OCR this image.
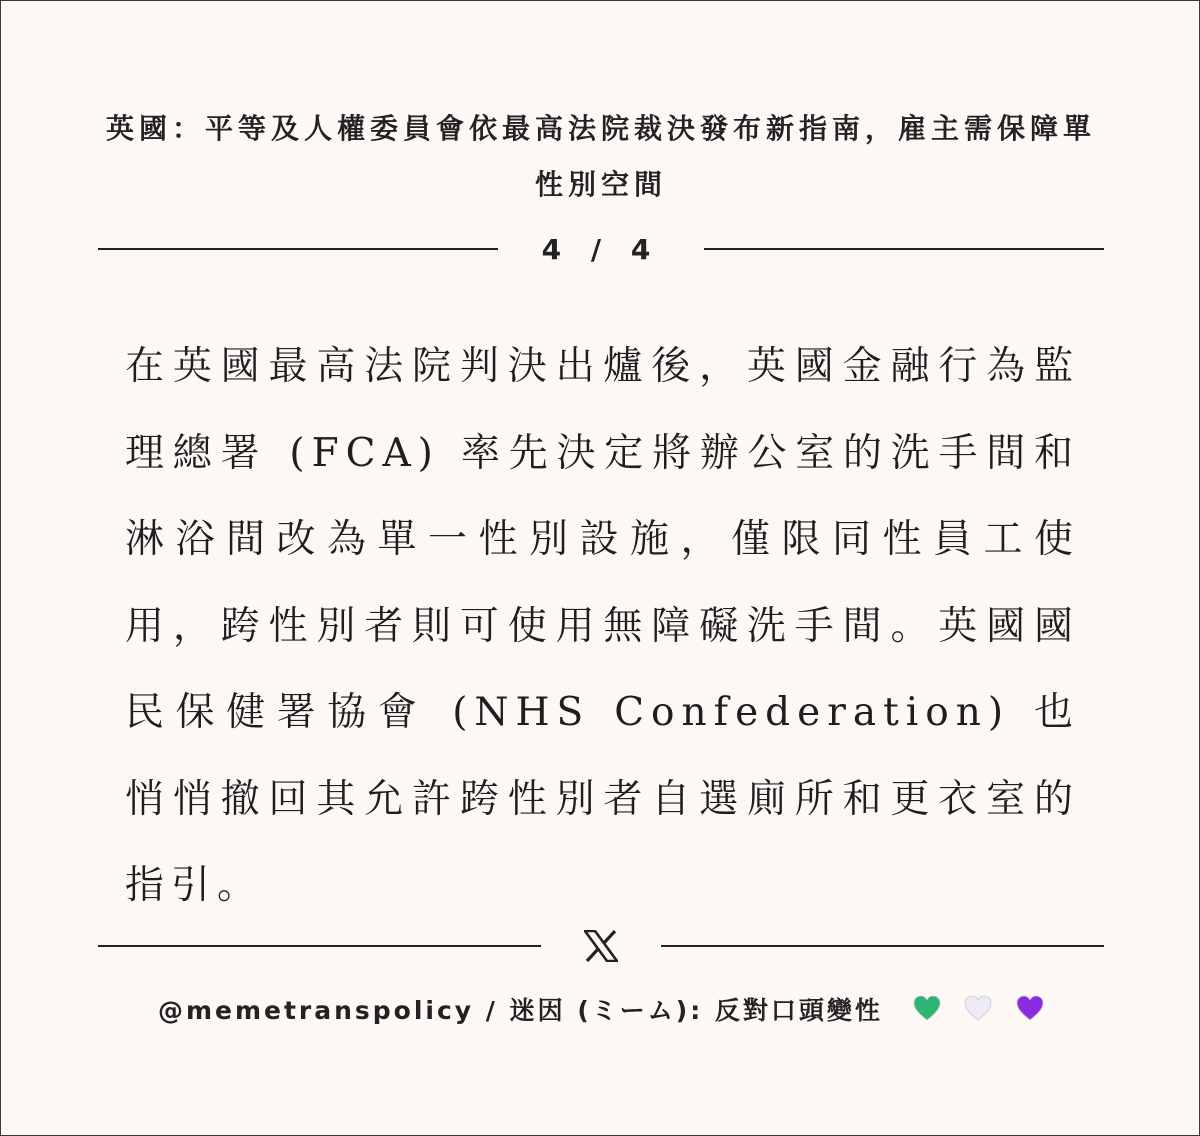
英國：平等及人權委員會依最高法院裁決發布新指南，雇主需保障單性別空間
4 / 4
在英國最高法院判決出爐後，英國金融行為監理總署 (FCA) 率先決定將辦公室的洗手間和淋浴間改為單一性別設施，僅限同性員工使用，跨性別者則可使用無障礙洗手間。英國國民保健署協會 (NHS Confederation) 也悄悄撤回其允許跨性別者自選廁所和更衣室的指引。
@memetranspolicy / 迷因 (ミーム): 反對口頭變性
